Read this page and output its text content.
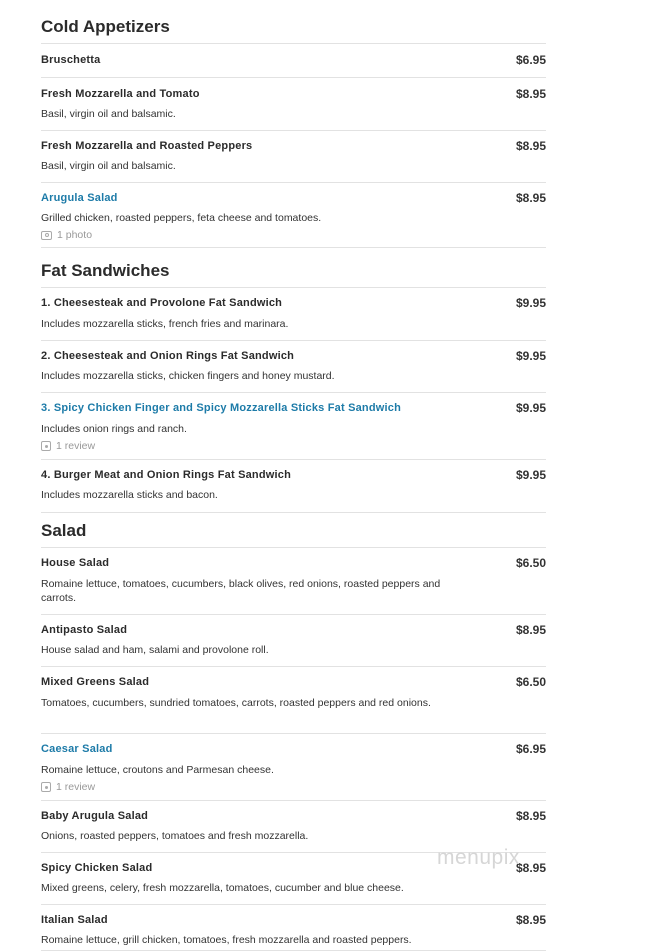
Cold Appetizers
Bruschetta	$6.95
Fresh Mozzarella and Tomato	$8.95
Basil, virgin oil and balsamic.
Fresh Mozzarella and Roasted Peppers	$8.95
Basil, virgin oil and balsamic.
Arugula Salad	$8.95
Grilled chicken, roasted peppers, feta cheese and tomatoes.
1 photo
Fat Sandwiches
1. Cheesesteak and Provolone Fat Sandwich	$9.95
Includes mozzarella sticks, french fries and marinara.
2. Cheesesteak and Onion Rings Fat Sandwich	$9.95
Includes mozzarella sticks, chicken fingers and honey mustard.
3. Spicy Chicken Finger and Spicy Mozzarella Sticks Fat Sandwich	$9.95
Includes onion rings and ranch.
1 review
4. Burger Meat and Onion Rings Fat Sandwich	$9.95
Includes mozzarella sticks and bacon.
Salad
House Salad	$6.50
Romaine lettuce, tomatoes, cucumbers, black olives, red onions, roasted peppers and carrots.
Antipasto Salad	$8.95
House salad and ham, salami and provolone roll.
Mixed Greens Salad	$6.50
Tomatoes, cucumbers, sundried tomatoes, carrots, roasted peppers and red onions.
Caesar Salad	$6.95
Romaine lettuce, croutons and Parmesan cheese.
1 review
Baby Arugula Salad	$8.95
Onions, roasted peppers, tomatoes and fresh mozzarella.
Spicy Chicken Salad	$8.95
Mixed greens, celery, fresh mozzarella, tomatoes, cucumber and blue cheese.
Italian Salad	$8.95
Romaine lettuce, grill chicken, tomatoes, fresh mozzarella and roasted peppers.
menupix
